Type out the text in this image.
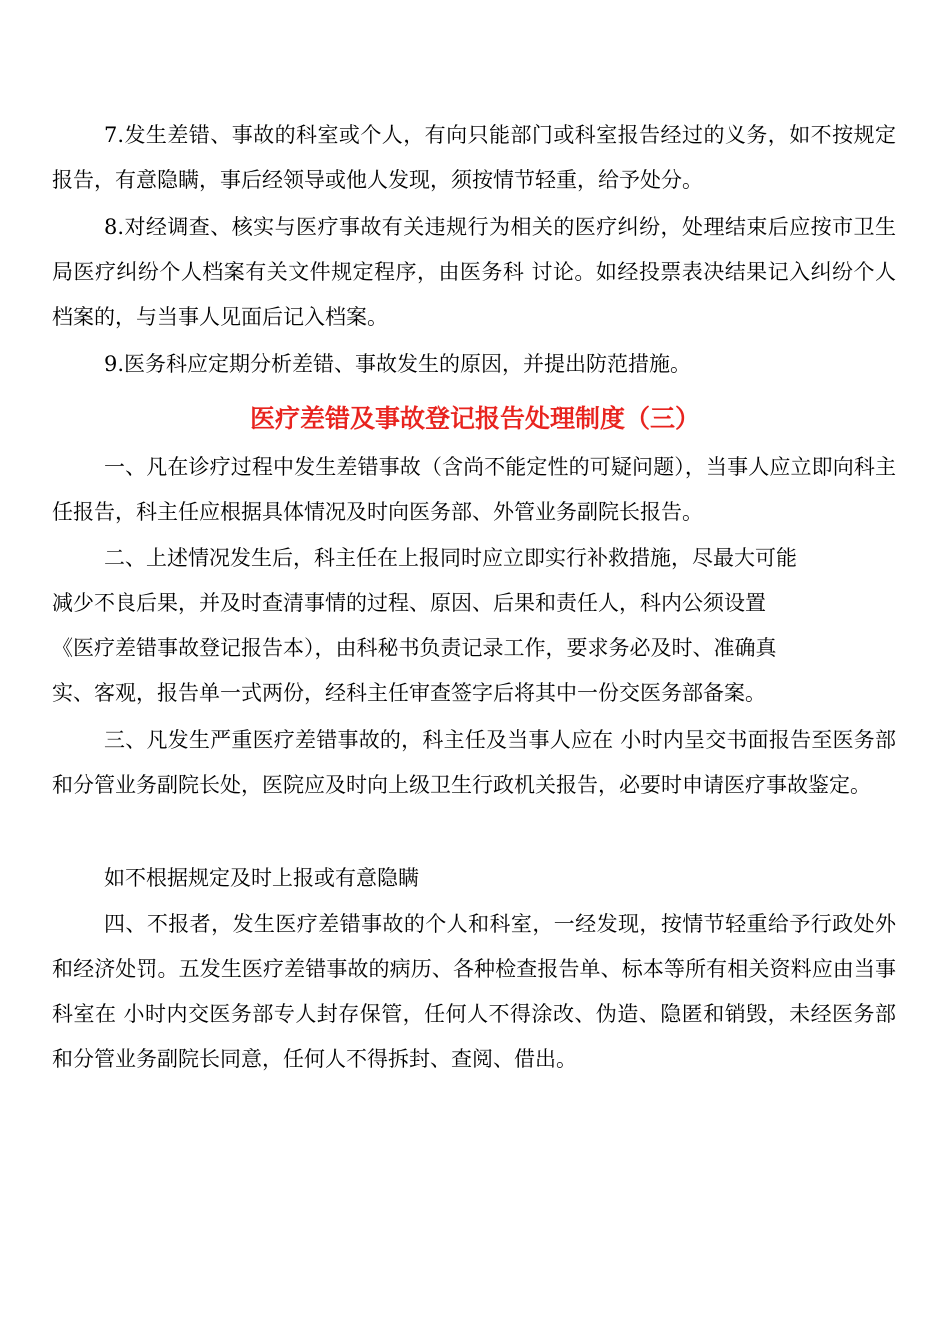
7.发生差错、事故的科室或个人，有向只能部门或科室报告经过的义务，如不按规定报告，有意隐瞒，事后经领导或他人发现，须按情节轻重，给予处分。

8.对经调查、核实与医疗事故有关违规行为相关的医疗纠纷，处理结束后应按市卫生局医疗纠纷个人档案有关文件规定程序，由医务科 讨论。如经投票表决结果记入纠纷个人档案的，与当事人见面后记入档案。

9.医务科应定期分析差错、事故发生的原因，并提出防范措施。

医疗差错及事故登记报告处理制度（三）

一、凡在诊疗过程中发生差错事故（含尚不能定性的可疑问题），当事人应立即向科主任报告，科主任应根据具体情况及时向医务部、外管业务副院长报告。

二、上述情况发生后，科主任在上报同时应立即实行补救措施，尽最大可能
减少不良后果，并及时查清事情的过程、原因、后果和责任人，科内公须设置
《医疗差错事故登记报告本），由科秘书负责记录工作，要求务必及时、准确真
实、客观，报告单一式两份，经科主任审查签字后将其中一份交医务部备案。

三、凡发生严重医疗差错事故的，科主任及当事人应在 小时内呈交书面报告至医务部和分管业务副院长处，医院应及时向上级卫生行政机关报告，必要时申请医疗事故鉴定。

如不根据规定及时上报或有意隐瞒

四、不报者，发生医疗差错事故的个人和科室，一经发现，按情节轻重给予行政处外和经济处罚。五发生医疗差错事故的病历、各种检查报告单、标本等所有相关资料应由当事科室在 小时内交医务部专人封存保管，任何人不得涂改、伪造、隐匿和销毁，未经医务部和分管业务副院长同意，任何人不得拆封、查阅、借出。
